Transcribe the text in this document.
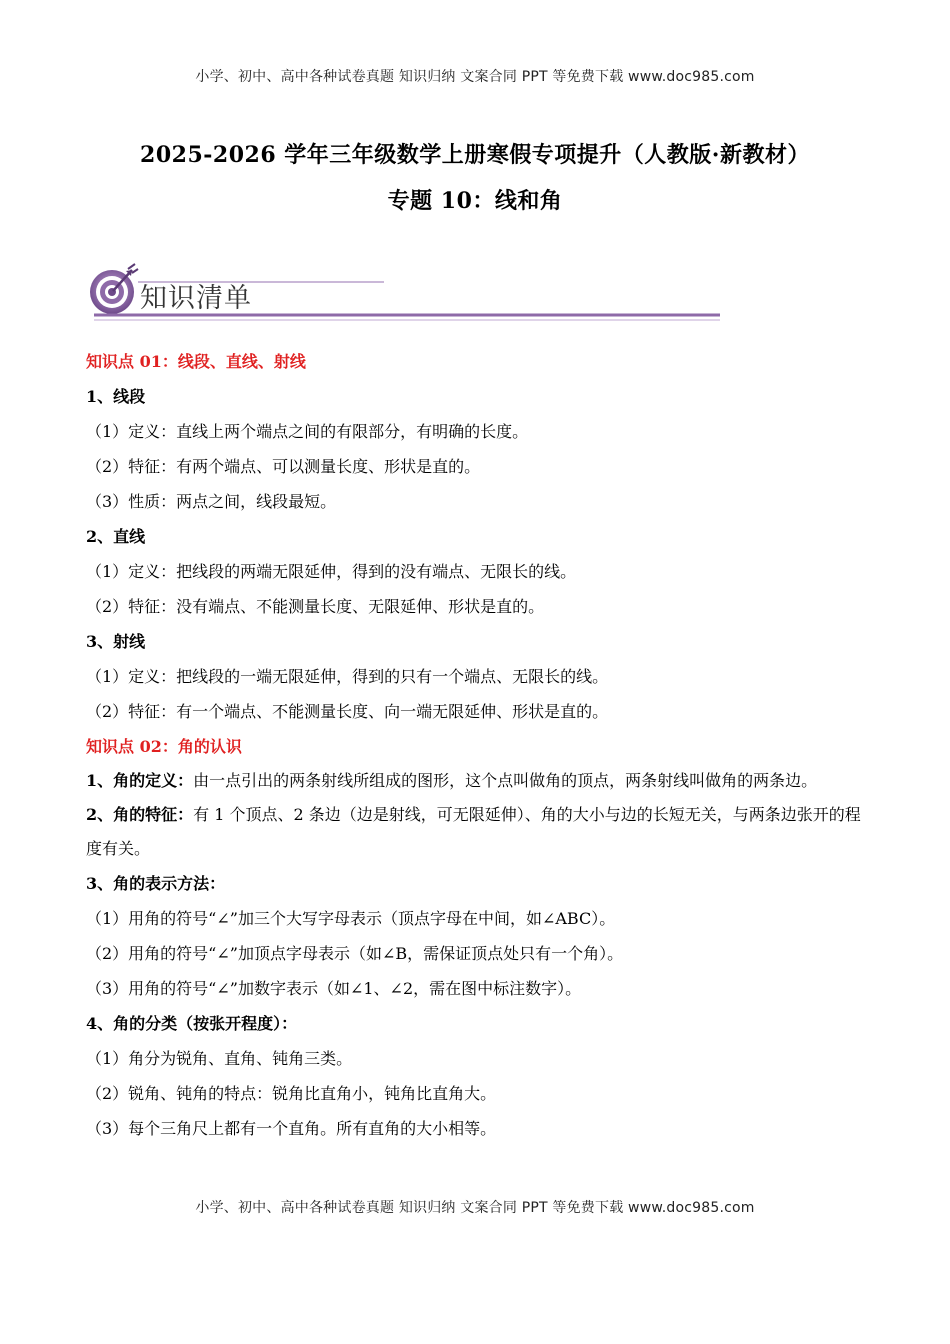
小学、初中、高中各种试卷真题 知识归纳 文案合同 PPT 等免费下载 www.doc985.com
2025-2026 学年三年级数学上册寒假专项提升（人教版·新教材）
专题 10：线和角
知识清单
知识点 01：线段、直线、射线
1、线段
（1）定义：直线上两个端点之间的有限部分，有明确的长度。
（2）特征：有两个端点、可以测量长度、形状是直的。
（3）性质：两点之间，线段最短。
2、直线
（1）定义：把线段的两端无限延伸，得到的没有端点、无限长的线。
（2）特征：没有端点、不能测量长度、无限延伸、形状是直的。
3、射线
（1）定义：把线段的一端无限延伸，得到的只有一个端点、无限长的线。
（2）特征：有一个端点、不能测量长度、向一端无限延伸、形状是直的。
知识点 02：角的认识
1、角的定义：由一点引出的两条射线所组成的图形，这个点叫做角的顶点，两条射线叫做角的两条边。
2、角的特征：有 1 个顶点、2 条边（边是射线，可无限延伸）、角的大小与边的长短无关，与两条边张开的程度有关。
3、角的表示方法：
（1）用角的符号“∠”加三个大写字母表示（顶点字母在中间，如∠ABC）。
（2）用角的符号“∠”加顶点字母表示（如∠B，需保证顶点处只有一个角）。
（3）用角的符号“∠”加数字表示（如∠1、∠2，需在图中标注数字）。
4、角的分类（按张开程度）：
（1）角分为锐角、直角、钝角三类。
（2）锐角、钝角的特点：锐角比直角小，钝角比直角大。
（3）每个三角尺上都有一个直角。所有直角的大小相等。
小学、初中、高中各种试卷真题 知识归纳 文案合同 PPT 等免费下载 www.doc985.com
